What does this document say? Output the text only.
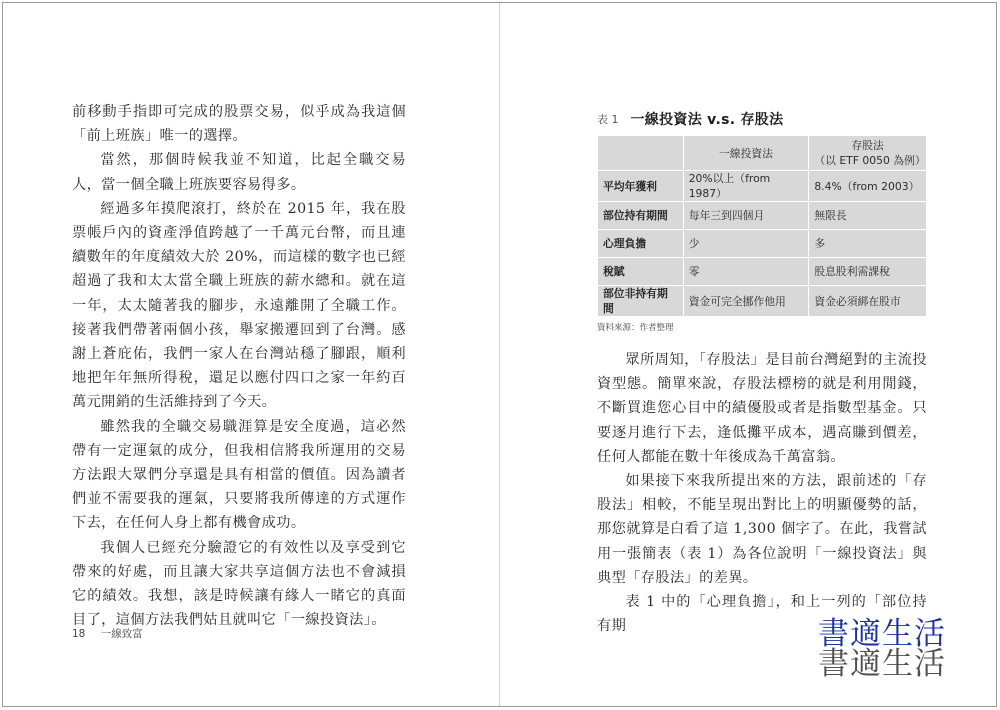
前移動手指即可完成的股票交易，似乎成為我這個「前上班族」唯一的選擇。

當然，那個時候我並不知道，比起全職交易人，當一個全職上班族要容易得多。

經過多年摸爬滾打，終於在 2015 年，我在股票帳戶內的資產淨值跨越了一千萬元台幣，而且連續數年的年度績效大於 20%，而這樣的數字也已經超過了我和太太當全職上班族的薪水總和。就在這一年，太太隨著我的腳步，永遠離開了全職工作。接著我們帶著兩個小孩，舉家搬遷回到了台灣。感謝上蒼庇佑，我們一家人在台灣站穩了腳跟，順利地把年年無所得稅，還足以應付四口之家一年約百萬元開銷的生活維持到了今天。

雖然我的全職交易職涯算是安全度過，這必然帶有一定運氣的成分，但我相信將我所運用的交易方法跟大眾們分享還是具有相當的價值。因為讀者們並不需要我的運氣，只要將我所傳達的方式運作下去，在任何人身上都有機會成功。

我個人已經充分驗證它的有效性以及享受到它帶來的好處，而且讓大家共享這個方法也不會減損它的績效。我想，該是時候讓有緣人一睹它的真面目了，這個方法我們姑且就叫它「一線投資法」。

18 一線致富
表 1 一線投資法 v.s. 存股法
	一線投資法	存股法
（以 ETF 0050 為例）

平均年獲利	20%以上（from 1987）	8.4%（from 2003）
部位持有期間	每年三到四個月	無限長
心理負擔	少	多
稅賦	零	股息股利需課稅
部位非持有期間	資金可完全挪作他用	資金必須綁在股市
資料來源：作者整理

眾所周知，「存股法」是目前台灣絕對的主流投資型態。簡單來說，存股法標榜的就是利用閒錢，不斷買進您心目中的績優股或者是指數型基金。只要逐月進行下去，逢低攤平成本，遇高賺到價差，任何人都能在數十年後成為千萬富翁。

如果接下來我所提出來的方法，跟前述的「存股法」相較，不能呈現出對比上的明顯優勢的話，那您就算是白看了這 1,300 個字了。在此，我嘗試用一張簡表（表 1）為各位說明「一線投資法」與典型「存股法」的差異。

表 1 中的「心理負擔」，和上一列的「部位持有期	書適生活
書適生活
